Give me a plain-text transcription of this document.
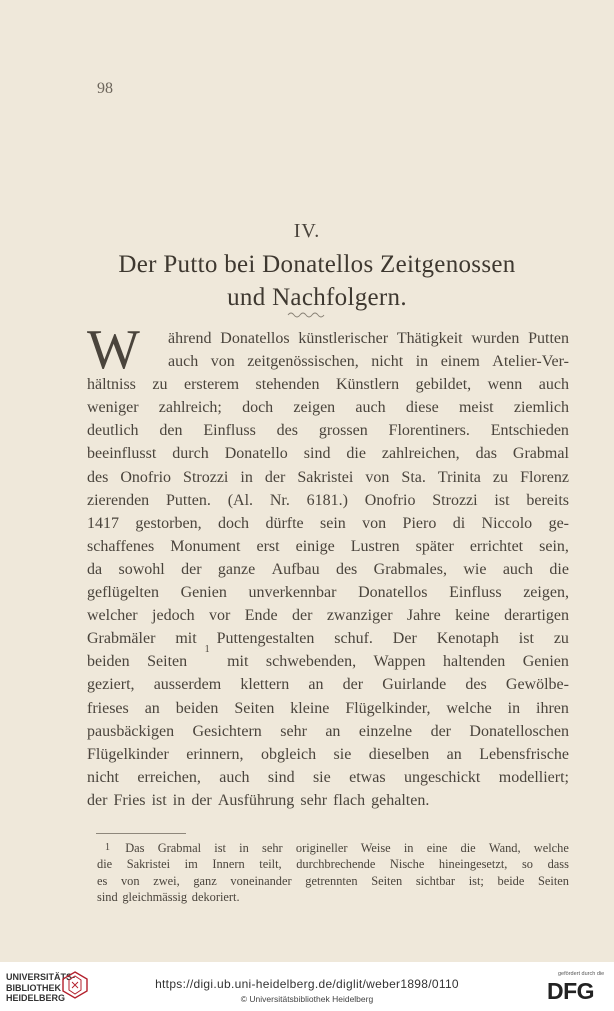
98
IV.
Der Putto bei Donatellos Zeitgenossen
und Nachfolgern.
W ährend Donatellos künstlerischer Thätigkeit wurden Putten
auch von zeitgenössischen, nicht in einem Atelier-Ver-
hältniss zu ersterem stehenden Künstlern gebildet, wenn auch
weniger zahlreich; doch zeigen auch diese meist ziemlich
deutlich den Einfluss des grossen Florentiners. Entschieden
beeinflusst durch Donatello sind die zahlreichen, das Grabmal
des Onofrio Strozzi in der Sakristei von Sta. Trinita zu Florenz
zierenden Putten. (Al. Nr. 6181.) Onofrio Strozzi ist bereits
1417 gestorben, doch dürfte sein von Piero di Niccolo ge-
schaffenes Monument erst einige Lustren später errichtet sein,
da sowohl der ganze Aufbau des Grabmales, wie auch die
geflügelten Genien unverkennbar Donatellos Einfluss zeigen,
welcher jedoch vor Ende der zwanziger Jahre keine derartigen
Grabmäler mit Puttengestalten schuf. Der Kenotaph ist zu
beiden Seiten
1
mit schwebenden, Wappen haltenden Genien
geziert, ausserdem klettern an der Guirlande des Gewölbe-
frieses an beiden Seiten kleine Flügelkinder, welche in ihren
pausbäckigen Gesichtern sehr an einzelne der Donatelloschen
Flügelkinder erinnern, obgleich sie dieselben an Lebensfrische
nicht erreichen, auch sind sie etwas ungeschickt modelliert;
der Fries ist in der Ausführung sehr flach gehalten.
1 Das Grabmal ist in sehr origineller Weise in eine die Wand, welche
die Sakristei im Innern teilt, durchbrechende Nische hineingesetzt, so dass
es von zwei, ganz voneinander getrennten Seiten sichtbar ist; beide Seiten
sind gleichmässig dekoriert.
UNIVERSITÄTS-
BIBLIOTHEK
HEIDELBERG
https://digi.ub.uni-heidelberg.de/diglit/weber1898/0110
© Universitätsbibliothek Heidelberg
gefördert durch die
DFG
